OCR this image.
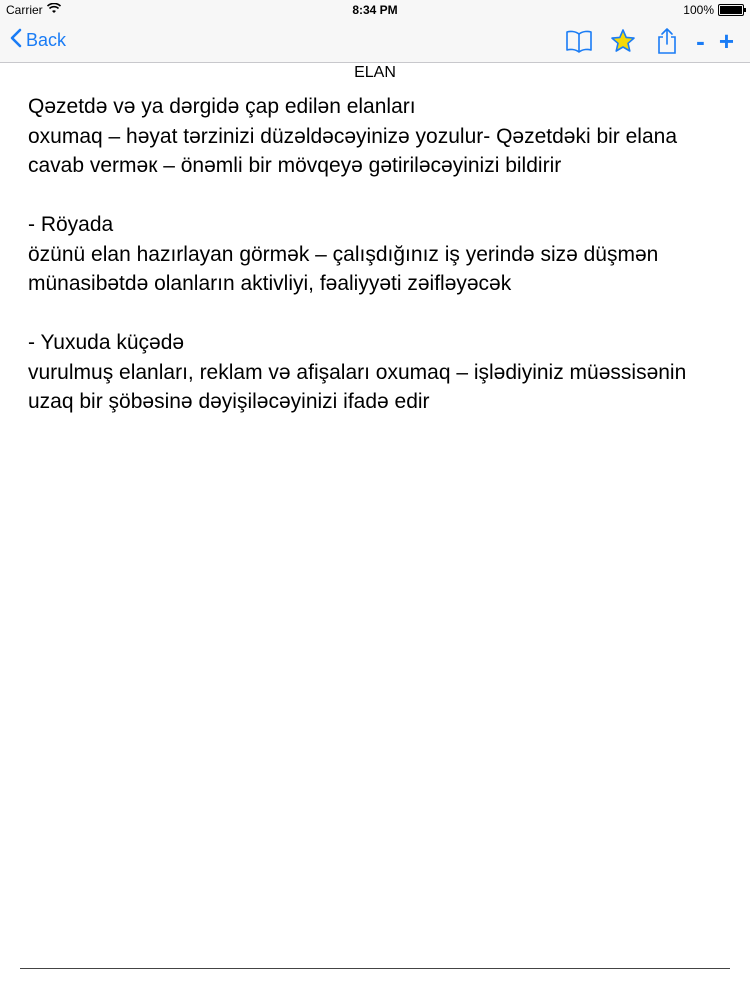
Carrier	8:34 PM	100%
Back	- +
ELAN

Qəzetdə və ya dərgidə çap edilən elanları

oxumaq – həyat tərzinizi düzəldəcəyinizə yozulur- Qəzetdəki bir elana

cavab verməк – önəmli bir mövqeyə gətiriləcəyinizi bildirir

- Röyada

özünü elan hazırlayan görmək – çalışdığınız iş yerində sizə düşmən

münasibətdə olanların aktivliyi, fəaliyyəti zəifləyəcək

- Yuxuda küçədə

vurulmuş elanları, reklam və afişaları oxumaq – işlədiyiniz müəssisənin

uzaq bir şöbəsinə dəyişiləcəyinizi ifadə edir
